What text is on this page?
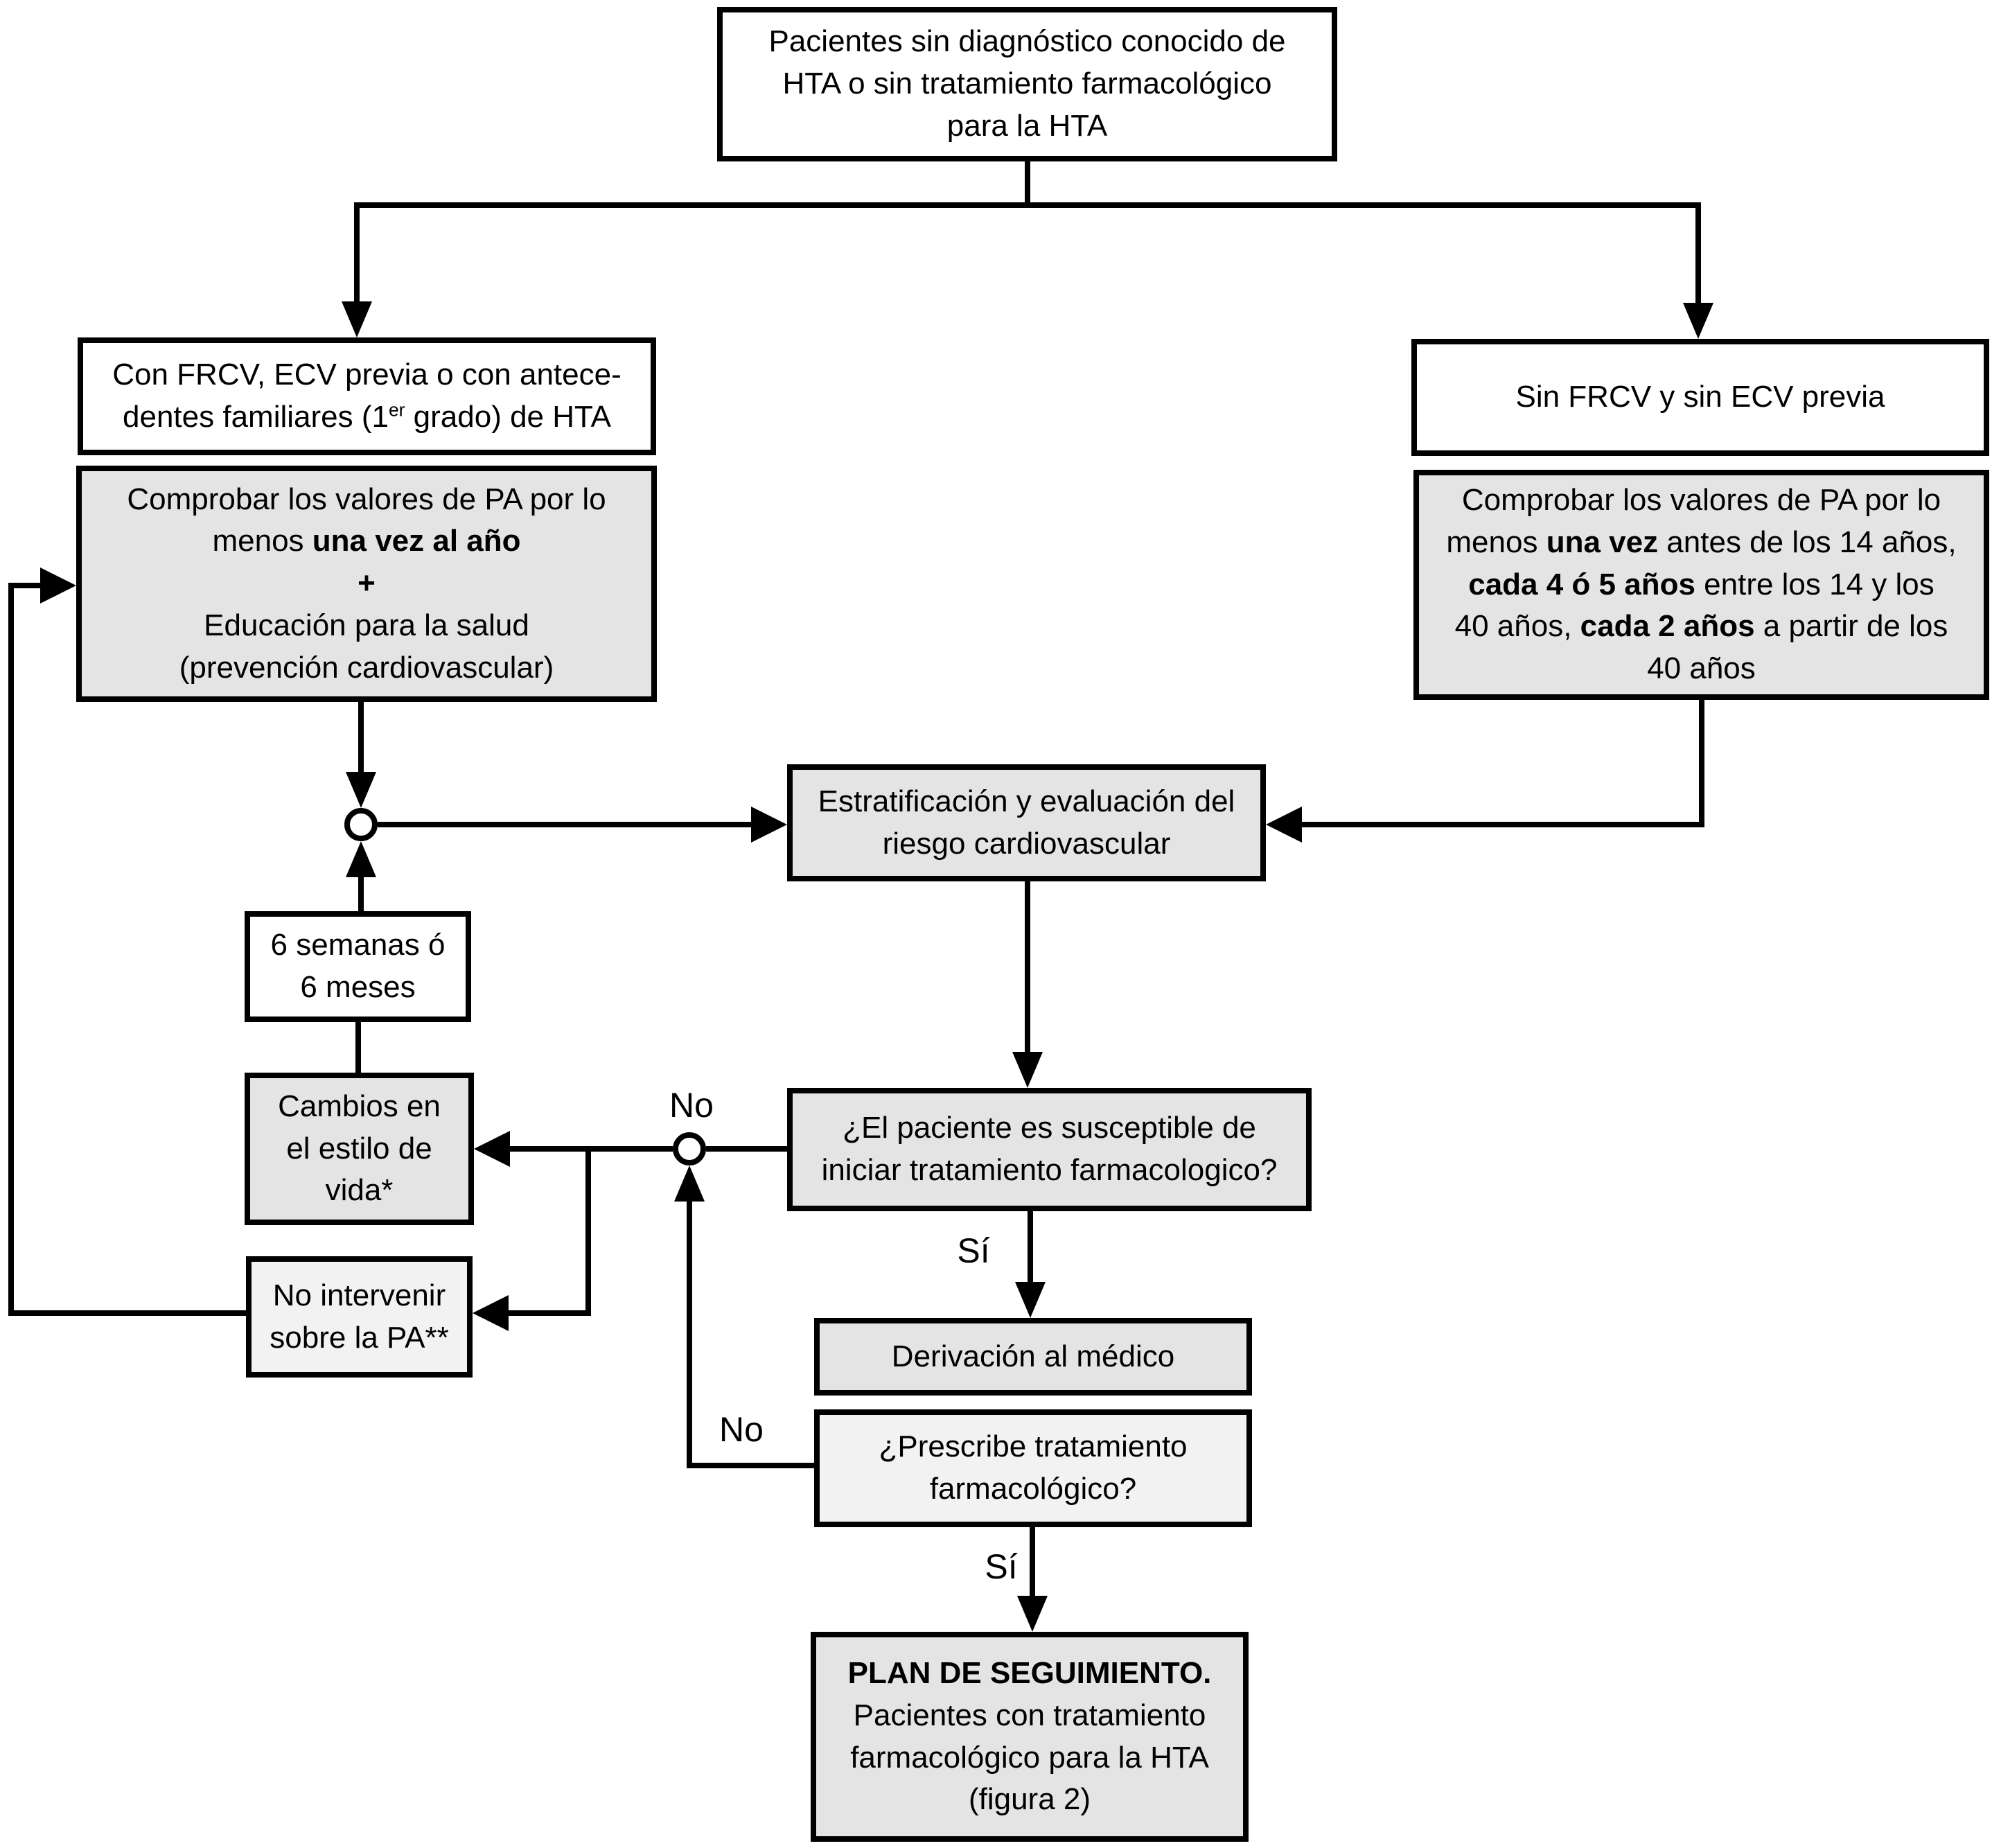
No
Sí
No
Sí
Pacientes sin diagnóstico conocido de
HTA o sin tratamiento farmacológico
para la HTA
Con FRCV, ECV previa o con antece-
dentes familiares (1er grado) de HTA
Comprobar los valores de PA por lo
menos una vez al año
+
Educación para la salud
(prevención cardiovascular)
Sin FRCV y sin ECV previa
Comprobar los valores de PA por lo
menos una vez antes de los 14 años,
cada 4 ó 5 años entre los 14 y los
40 años, cada 2 años a partir de los
40 años
Estratificación y evaluación del
riesgo cardiovascular
6 semanas ó
6 meses
Cambios en
el estilo de
vida*
No intervenir
sobre la PA**
¿El paciente es susceptible de
iniciar tratamiento farmacologico?
Derivación al médico
¿Prescribe tratamiento
farmacológico?
PLAN DE SEGUIMIENTO.
Pacientes con tratamiento
farmacológico para la HTA
(figura 2)
